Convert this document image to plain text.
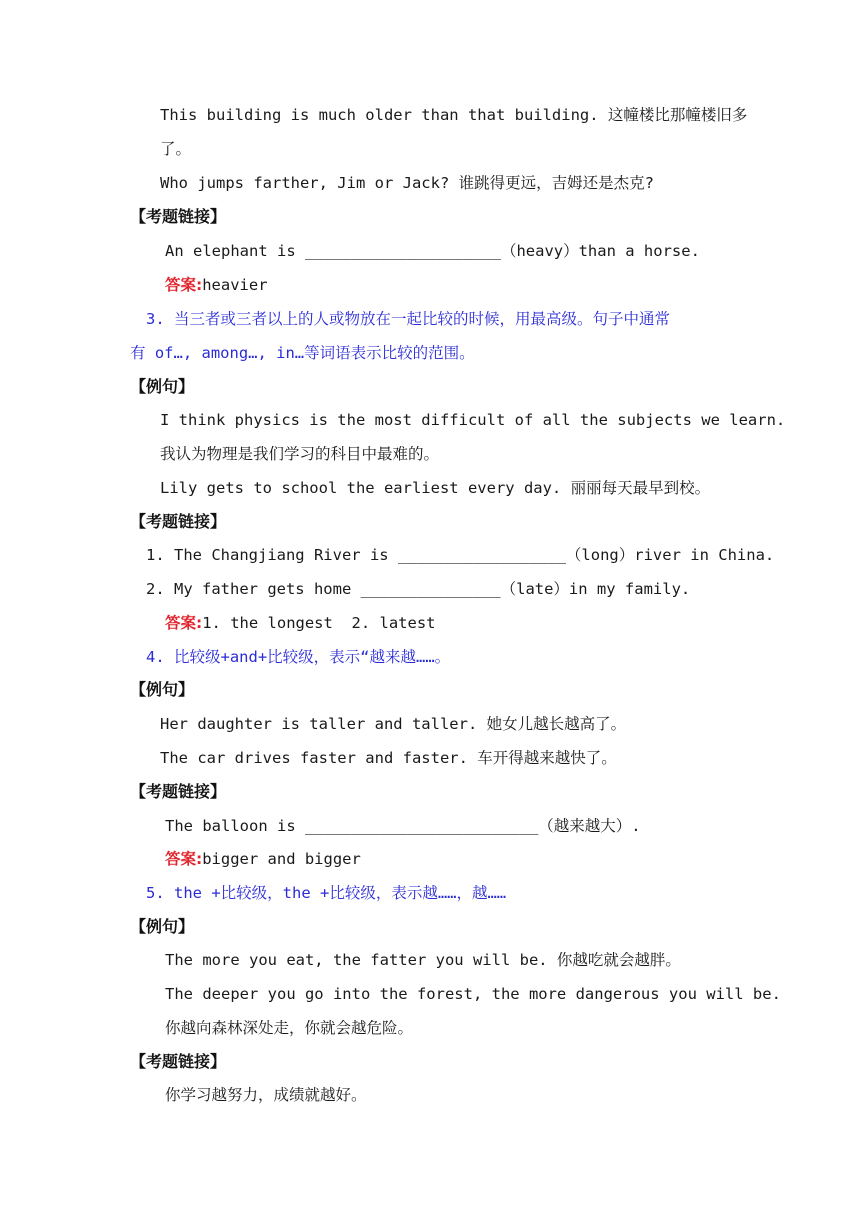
This building is much older than that building. 这幢楼比那幢楼旧多
了。
Who jumps farther, Jim or Jack? 谁跳得更远，吉姆还是杰克?
【考题链接】
An elephant is _____________________（heavy）than a horse.
答案:heavier
3. 当三者或三者以上的人或物放在一起比较的时候，用最高级。句子中通常
有 of…, among…, in…等词语表示比较的范围。
【例句】
I think physics is the most difficult of all the subjects we learn.
我认为物理是我们学习的科目中最难的。
Lily gets to school the earliest every day. 丽丽每天最早到校。
【考题链接】
1. The Changjiang River is __________________（long）river in China.
2. My father gets home _______________（late）in my family.
答案:1. the longest  2. latest
4. 比较级+and+比较级，表示“越来越……。
【例句】
Her daughter is taller and taller. 她女儿越长越高了。
The car drives faster and faster. 车开得越来越快了。
【考题链接】
The balloon is _________________________（越来越大）.
答案:bigger and bigger
5. the +比较级，the +比较级，表示越……，越……
【例句】
The more you eat, the fatter you will be. 你越吃就会越胖。
The deeper you go into the forest, the more dangerous you will be.
你越向森林深处走，你就会越危险。
【考题链接】
你学习越努力，成绩就越好。
